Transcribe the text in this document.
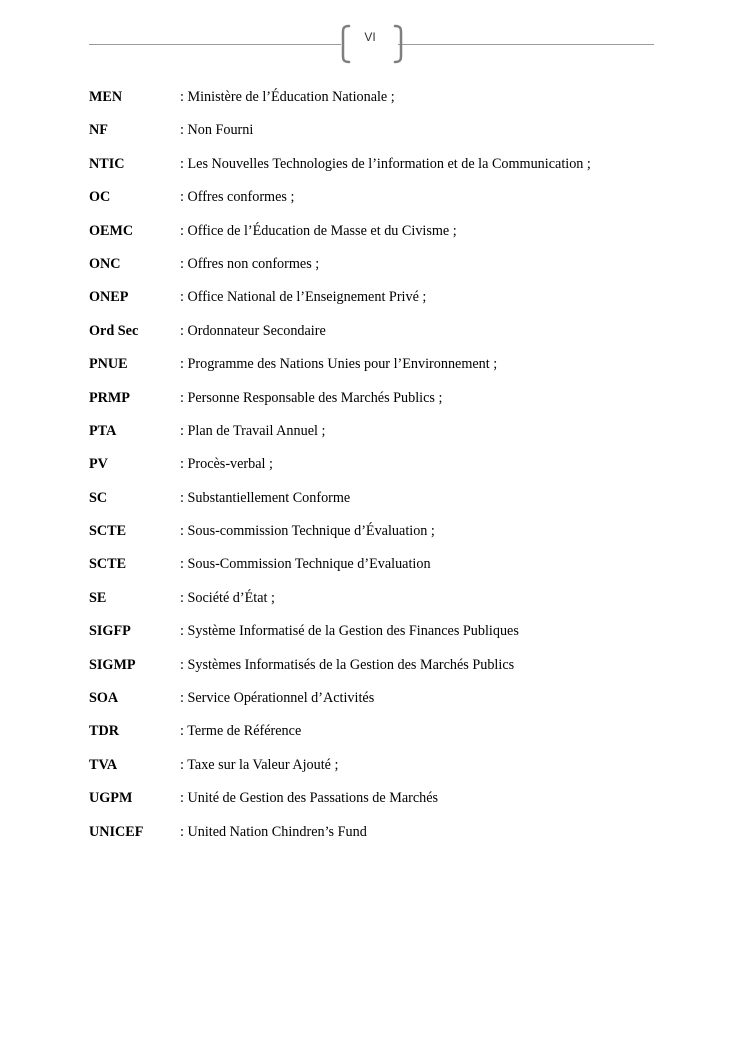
VI
MEN	: Ministère de l’Éducation Nationale ;
NF	: Non Fourni
NTIC	: Les Nouvelles Technologies de l’information et de la Communication ;
OC	: Offres conformes ;
OEMC	: Office de l’Éducation de Masse et du Civisme ;
ONC	: Offres non conformes ;
ONEP	: Office National de l’Enseignement Privé ;
Ord Sec	: Ordonnateur Secondaire
PNUE	: Programme des Nations Unies pour l’Environnement ;
PRMP	: Personne Responsable des Marchés Publics ;
PTA	: Plan de Travail Annuel ;
PV	: Procès-verbal ;
SC	: Substantiellement Conforme
SCTE	: Sous-commission Technique d’Évaluation ;
SCTE	: Sous-Commission Technique d’Evaluation
SE	: Société d’État ;
SIGFP	: Système Informatisé de la Gestion des Finances Publiques
SIGMP	: Systèmes Informatisés de la Gestion des Marchés Publics
SOA	: Service Opérationnel d’Activités
TDR	: Terme de Référence
TVA	: Taxe sur la Valeur Ajouté ;
UGPM	: Unité de Gestion des Passations de Marchés
UNICEF	: United Nation Chindren’s Fund
